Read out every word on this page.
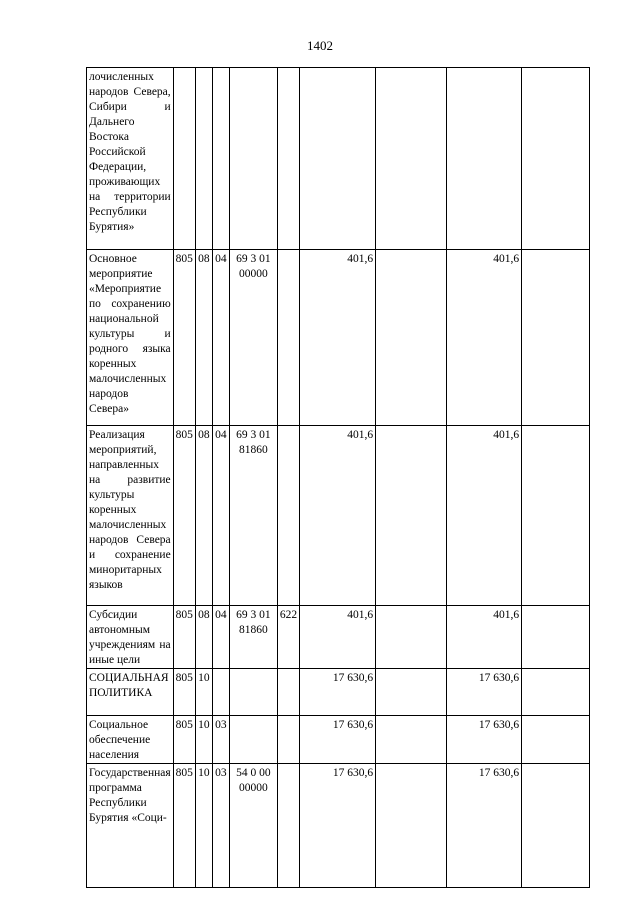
1402
лочисленных народов Севера, Сибири и Дальнего Востока Российской Федерации, проживающих на территории Республики Бурятия»									
Основное мероприятие «Мероприятие по сохранению национальной культуры и родного языка коренных малочисленных народов Севера»	805	08	04	69 3 01 00000		401,6		401,6	
Реализация мероприятий, направленных на развитие культуры коренных малочисленных народов Севера и сохранение миноритарных языков	805	08	04	69 3 01 81860		401,6		401,6	
Субсидии автономным учреждениям на иные цели	805	08	04	69 3 01 81860	622	401,6		401,6	
СОЦИАЛЬНАЯ ПОЛИТИКА	805	10				17 630,6		17 630,6	
Социальное обеспечение населения	805	10	03			17 630,6		17 630,6	
Государственная программа Республики Бурятия «Соци-	805	10	03	54 0 00 00000		17 630,6		17 630,6	
